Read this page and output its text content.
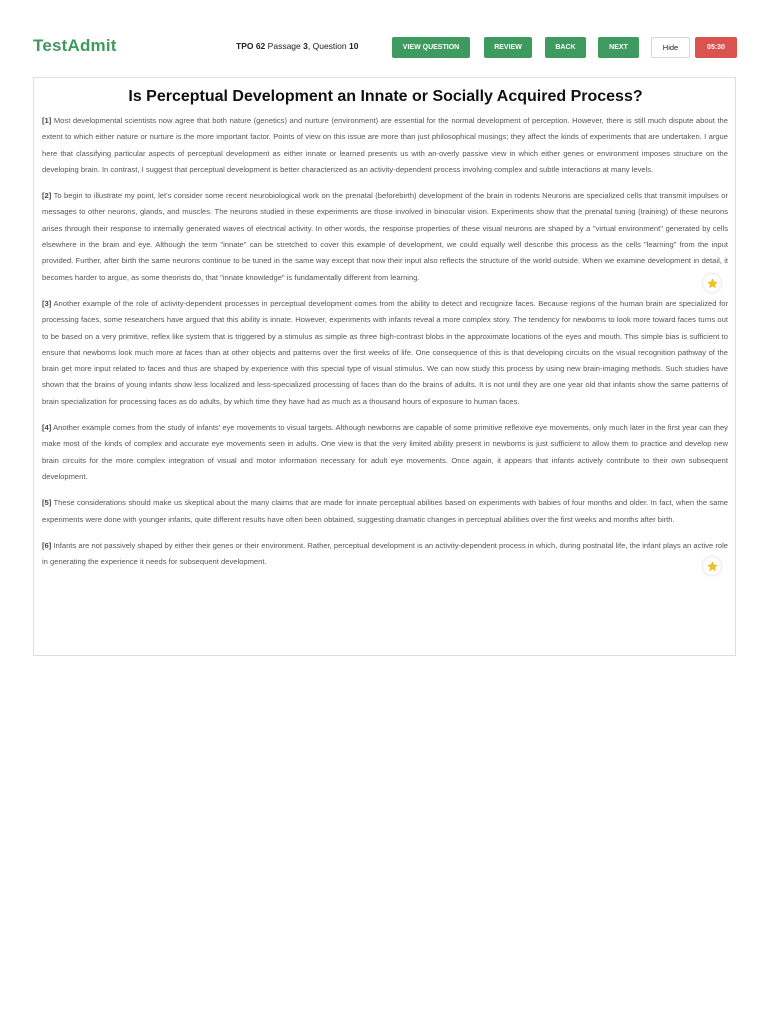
TestAdmit	TPO 62 Passage 3, Question 10	VIEW QUESTION	REVIEW	BACK	NEXT	Hide	05:30
Is Perceptual Development an Innate or Socially Acquired Process?

[1] Most developmental scientists now agree that both nature (genetics) and nurture (environment) are essential for the normal development of perception. However, there is still much dispute about the extent to which either nature or nurture is the more important factor. Points of view on this issue are more than just philosophical musings; they affect the kinds of experiments that are undertaken. I argue here that classifying particular aspects of perceptual development as either innate or learned presents us with an-overly passive view in which either genes or environment imposes structure on the developing brain. In contrast, I suggest that perceptual development is better characterized as an activity-dependent process involving complex and subtle interactions at many levels.

[2] To begin to illustrate my point, let's consider some recent neurobiological work on the prenatal (beforebirth) development of the brain in rodents Neurons are specialized cells that transmit impulses or messages to other neurons, glands, and muscles. The neurons studied in these experiments are those involved in binocular vision. Experiments show that the prenatal tuning (training) of these neurons arises through their response to internally generated waves of electrical activity. In other words, the response properties of these visual neurons are shaped by a "virtual environment" generated by cells elsewhere in the brain and eye. Although the term "innate" can be stretched to cover this example of development, we could equally well describe this process as the cells "learning" from the input provided. Further, after birth the same neurons continue to be tuned in the same way except that now their input also reflects the structure of the world outside. When we examine development in detail, it becomes harder to argue, as some theorists do, that "innate knowledge" is fundamentally different from learning.

[3] Another example of the role of activity-dependent processes in perceptual development comes from the ability to detect and recognize faces. Because regions of the human brain are specialized for processing faces, some researchers have argued that this ability is innate. However, experiments with infants reveal a more complex story. The tendency for newborns to look more toward faces turns out to be based on a very primitive, reflex like system that is triggered by a stimulus as simple as three high-contrast blobs in the approximate locations of the eyes and mouth. This simple bias is sufficient to ensure that newborns look much more at faces than at other objects and patterns over the first weeks of life. One consequence of this is that developing circuits on the visual recognition pathway of the brain get more input related to faces and thus are shaped by experience with this special type of visual stimulus. We can now study this process by using new brain-imaging methods. Such studies have shown that the brains of young infants show less localized and less-specialized processing of faces than do the brains of adults. It is not until they are one year old that infants show the same patterns of brain specialization for processing faces as do adults, by which time they have had as much as a thousand hours of exposure to human faces.

[4] Another example comes from the study of infants' eye movements to visual targets. Although newborns are capable of some primitive reflexive eye movements, only much later in the first year can they make most of the kinds of complex and accurate eye movements seen in adults. One view is that the very limited ability present in newborns is just sufficient to allow them to practice and develop new brain circuits for the more complex integration of visual and motor information necessary for adult eye movements. Once again, it appears that infants actively contribute to their own subsequent development.

[5] These considerations should make us skeptical about the many claims that are made for innate perceptual abilities based on experiments with babies of four months and older. In fact, when the same experiments were done with younger infants, quite different results have often been obtained, suggesting dramatic changes in perceptual abilities over the first weeks and months after birth.

[6] Infants are not passively shaped by either their genes or their environment. Rather, perceptual development is an activity-dependent process in which, during postnatal life, the infant plays an active role in generating the experience it needs for subsequent development.
